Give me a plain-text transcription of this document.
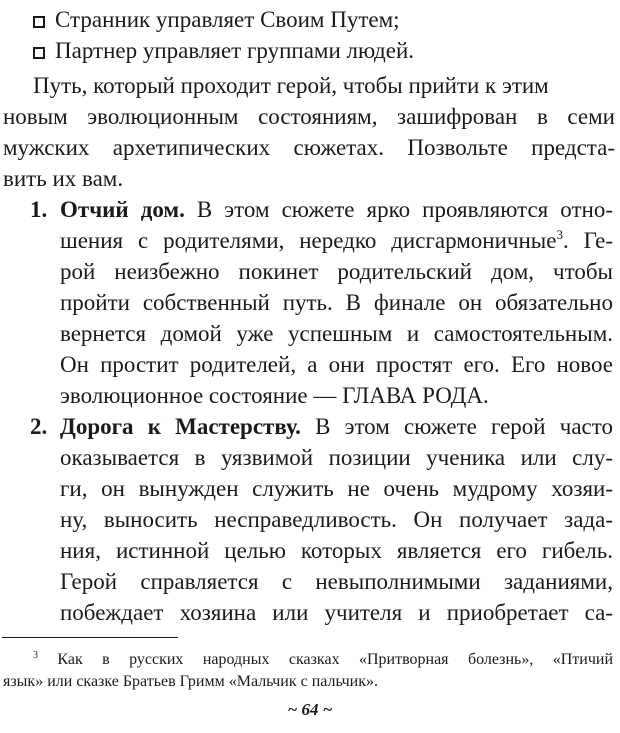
Странник управляет Своим Путем;
Партнер управляет группами людей.
Путь, который проходит герой, чтобы прийти к этим
новым эволюционным состояниям, зашифрован в семи
мужских архетипических сюжетах. Позвольте предста-
вить их вам.
1. Отчий дом. В этом сюжете ярко проявляются отно-
шения с родителями, нередко дисгармоничные$^3$. Ге-
рой неизбежно покинет родительский дом, чтобы
пройти собственный путь. В финале он обязательно
вернется домой уже успешным и самостоятельным.
Он простит родителей, а они простят его. Его новое
эволюционное состояние — ГЛАВА РОДА.
2. Дорога к Мастерству. В этом сюжете герой часто
оказывается в уязвимой позиции ученика или слу-
ги, он вынужден служить не очень мудрому хозяи-
ну, выносить несправедливость. Он получает зада-
ния, истинной целью которых является его гибель.
Герой справляется с невыполнимыми заданиями,
побеждает хозяина или учителя и приобретает са-
$^3$ Как в русских народных сказках «Притворная болезнь», «Птичий
язык» или сказке Братьев Гримм «Мальчик с пальчик».
~ 64 ~
